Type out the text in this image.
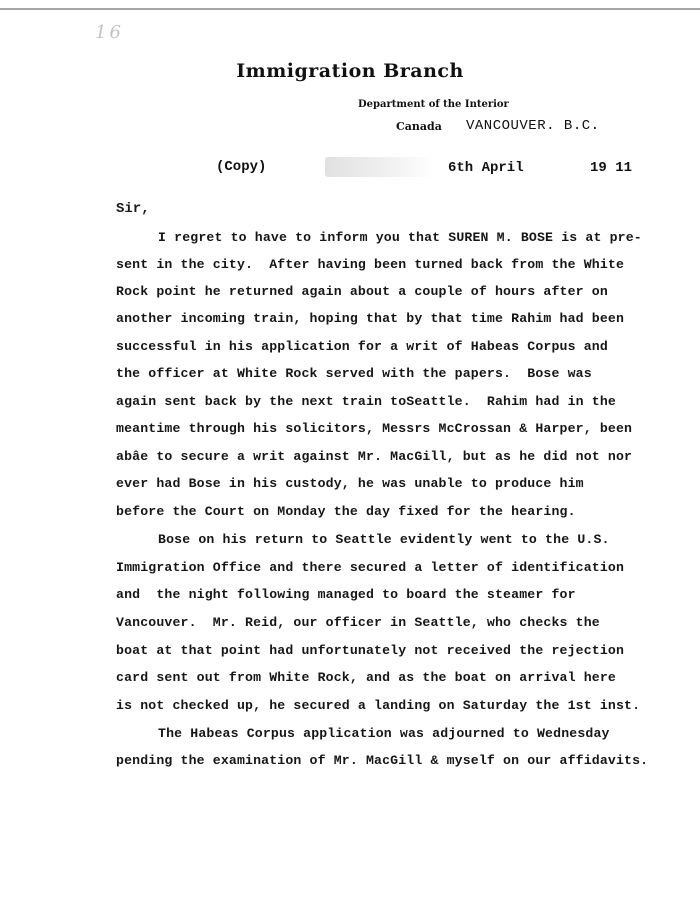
16
Immigration Branch
Department of the Interior
Canada VANCOUVER. B.C.
(Copy)	6th April	19 11
Sir,
I regret to have to inform you that SUREN M. BOSE is at pre-
sent in the city.  After having been turned back from the White
Rock point he returned again about a couple of hours after on
another incoming train, hoping that by that time Rahim had been
successful in his application for a writ of Habeas Corpus and
the officer at White Rock served with the papers.  Bose was
again sent back by the next train toSeattle.  Rahim had in the
meantime through his solicitors, Messrs McCrossan & Harper, been
abâe to secure a writ against Mr. MacGill, but as he did not nor
ever had Bose in his custody, he was unable to produce him
before the Court on Monday the day fixed for the hearing.
Bose on his return to Seattle evidently went to the U.S.
Immigration Office and there secured a letter of identification
and  the night following managed to board the steamer for
Vancouver.  Mr. Reid, our officer in Seattle, who checks the
boat at that point had unfortunately not received the rejection
card sent out from White Rock, and as the boat on arrival here
is not checked up, he secured a landing on Saturday the 1st inst.
The Habeas Corpus application was adjourned to Wednesday
pending the examination of Mr. MacGill & myself on our affidavits.
